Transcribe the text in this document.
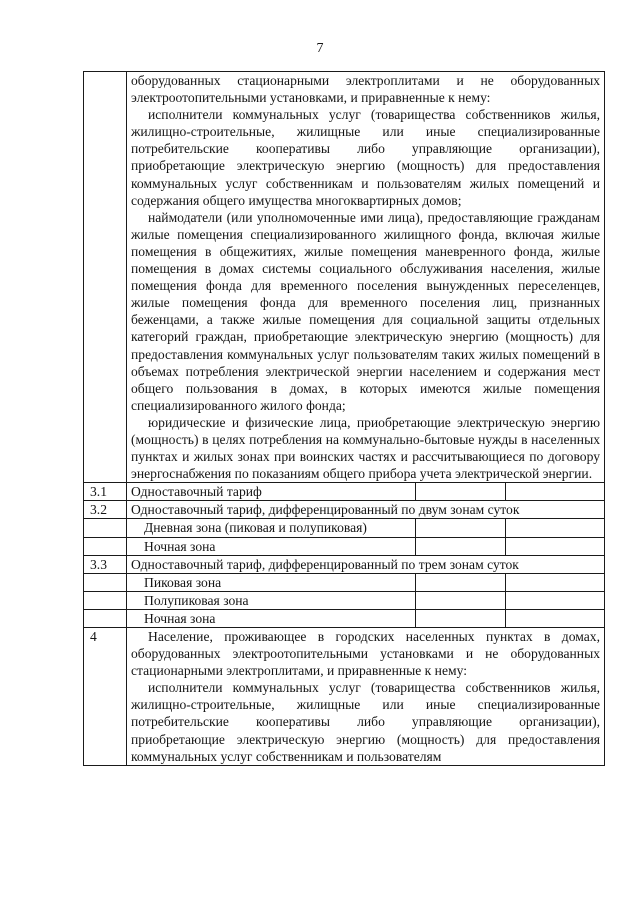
7

	оборудованных стационарными электроплитами и не оборудованных электроотопительными установками, и приравненные к нему:

исполнители коммунальных услуг (товарищества собственников жилья, жилищно-строительные, жилищные или иные специализированные потребительские кооперативы либо управляющие организации), приобретающие электрическую энергию (мощность) для предоставления коммунальных услуг собственникам и пользователям жилых помещений и содержания общего имущества многоквартирных домов;

наймодатели (или уполномоченные ими лица), предоставляющие гражданам жилые помещения специализированного жилищного фонда, включая жилые помещения в общежитиях, жилые помещения маневренного фонда, жилые помещения в домах системы социального обслуживания населения, жилые помещения фонда для временного поселения вынужденных переселенцев, жилые помещения фонда для временного поселения лиц, признанных беженцами, а также жилые помещения для социальной защиты отдельных категорий граждан, приобретающие электрическую энергию (мощность) для предоставления коммунальных услуг пользователям таких жилых помещений в объемах потребления электрической энергии населением и содержания мест общего пользования в домах, в которых имеются жилые помещения специализированного жилого фонда;

юридические и физические лица, приобретающие электрическую энергию (мощность) в целях потребления на коммунально-бытовые нужды в населенных пунктах и жилых зонах при воинских частях и рассчитывающиеся по договору энергоснабжения по показаниям общего прибора учета электрической энергии.		

3.1	Одноставочный тариф		
3.2	Одноставочный тариф, дифференцированный по двум зонам суток		
	Дневная зона (пиковая и полупиковая)		
	Ночная зона		
3.3	Одноставочный тариф, дифференцированный по трем зонам суток		
	Пиковая зона		
	Полупиковая зона		
	Ночная зона		
4	Население, проживающее в городских населенных пунктах в домах, оборудованных электроотопительными установками и не оборудованных стационарными электроплитами, и приравненные к нему:

исполнители коммунальных услуг (товарищества собственников жилья, жилищно-строительные, жилищные или иные специализированные потребительские кооперативы либо управляющие организации), приобретающие электрическую энергию (мощность) для предоставления коммунальных услуг собственникам и пользователям		
